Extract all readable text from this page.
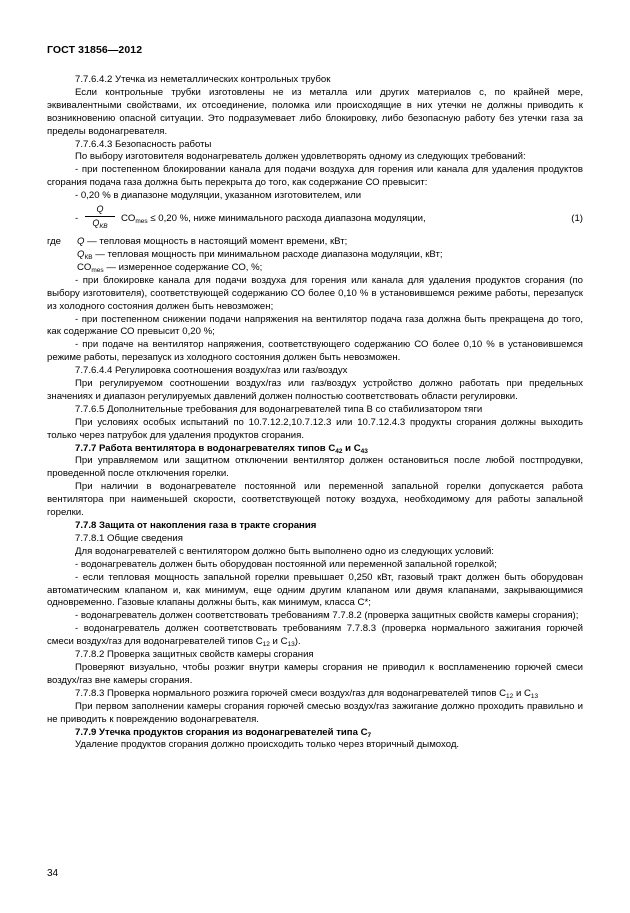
ГОСТ 31856—2012

7.7.6.4.2 Утечка из неметаллических контрольных трубок

Если контрольные трубки изготовлены не из металла или других материалов с, по крайней мере, эквивалентными свойствами, их отсоединение, поломка или происходящие в них утечки не должны приводить к возникновению опасной ситуации. Это подразумевает либо блокировку, либо безопасную работу без утечки газа за пределы водонагревателя.

7.7.6.4.3 Безопасность работы

По выбору изготовителя водонагреватель должен удовлетворять одному из следующих требований:

- при постепенном блокировании канала для подачи воздуха для горения или канала для удаления продуктов сгорания подача газа должна быть перекрыта до того, как содержание СО превысит:

- 0,20 % в диапазоне модуляции, указанном изготовителем, или

-
Q
$Q_{КВ}$
$CO_{mes} \le 0,20$ %, ниже минимального расхода диапазона модуляции,	(1)
где	Q — тепловая мощность в настоящий момент времени, кВт;

$Q_{КВ}$ — тепловая мощность при минимальном расходе диапазона модуляции, кВт;

$CO_{mes}$ — измеренное содержание СО, %;

- при блокировке канала для подачи воздуха для горения или канала для удаления продуктов сгорания (по выбору изготовителя), соответствующей содержанию СО более 0,10 % в установившемся режиме работы, перезапуск из холодного состояния должен быть невозможен;

- при постепенном снижении подачи напряжения на вентилятор подача газа должна быть прекращена до того, как содержание СО превысит 0,20 %;

- при подаче на вентилятор напряжения, соответствующего содержанию СО более 0,10 % в установившемся режиме работы, перезапуск из холодного состояния должен быть невозможен.

7.7.6.4.4 Регулировка соотношения воздух/газ или газ/воздух

При регулируемом соотношении воздух/газ или газ/воздух устройство должно работать при предельных значениях и диапазон регулируемых давлений должен полностью соответствовать области регулировки.

7.7.6.5 Дополнительные требования для водонагревателей типа В со стабилизатором тяги

При условиях особых испытаний по 10.7.12.2,10.7.12.3 или 10.7.12.4.3 продукты сгорания должны выходить только через патрубок для удаления продуктов сгорания.

7.7.7 Работа вентилятора в водонагревателях типов $С_{42}$ и $С_{43}$

При управляемом или защитном отключении вентилятор должен остановиться после любой постпродувки, проведенной после отключения горелки.

При наличии в водонагревателе постоянной или переменной запальной горелки допускается работа вентилятора при наименьшей скорости, соответствующей потоку воздуха, необходимому для работы запальной горелки.

7.7.8 Защита от накопления газа в тракте сгорания

7.7.8.1 Общие сведения

Для водонагревателей с вентилятором должно быть выполнено одно из следующих условий:

- водонагреватель должен быть оборудован постоянной или переменной запальной горелкой;

- если тепловая мощность запальной горелки превышает 0,250 кВт, газовый тракт должен быть оборудован автоматическим клапаном и, как минимум, еще одним другим клапаном или двумя клапанами, закрывающимися одновременно. Газовые клапаны должны быть, как минимум, класса С*;

- водонагреватель должен соответствовать требованиям 7.7.8.2 (проверка защитных свойств камеры сгорания);

- водонагреватель должен соответствовать требованиям 7.7.8.3 (проверка нормального зажигания горючей смеси воздух/газ для водонагревателей типов $С_{12}$ и $С_{13}$).

7.7.8.2 Проверка защитных свойств камеры сгорания

Проверяют визуально, чтобы розжиг внутри камеры сгорания не приводил к воспламенению горючей смеси воздух/газ вне камеры сгорания.

7.7.8.3 Проверка нормального розжига горючей смеси воздух/газ для водонагревателей типов $С_{12}$ и $С_{13}$

При первом заполнении камеры сгорания горючей смесью воздух/газ зажигание должно проходить правильно и не приводить к повреждению водонагревателя.

7.7.9 Утечка продуктов сгорания из водонагревателей типа $С_7$

Удаление продуктов сгорания должно происходить только через вторичный дымоход.

34
